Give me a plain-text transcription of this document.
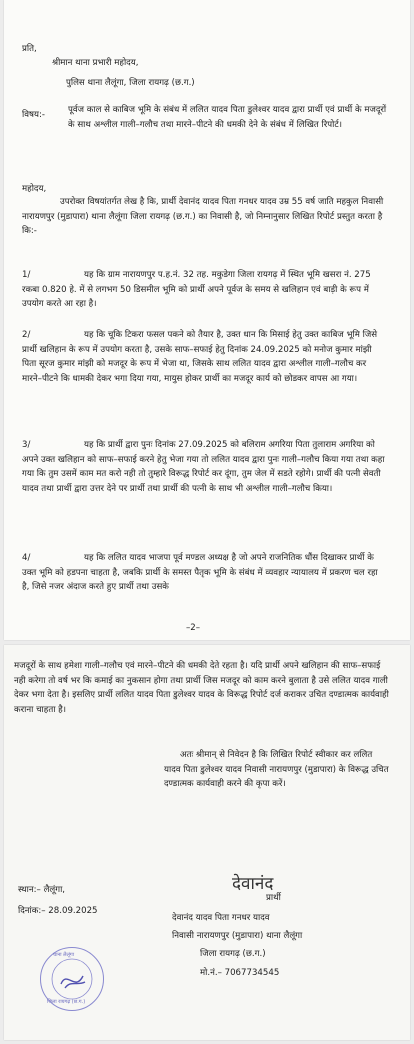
प्रति,
श्रीमान थाना प्रभारी महोदय,
पुलिस थाना लैलूंगा, जिला रायगढ़ (छ.ग.)
विषय:-	पूर्वज काल से काबिज भूमि के संबंध में ललित यादव पिता डुलेश्वर यादव द्वारा प्रार्थी एवं प्रार्थी के मजदूरों के साथ अश्लील गाली–गलौच तथा मारने–पीटने की धमकी देने के संबंध में लिखित रिपोर्ट।
महोदय,
उपरोक्त विषयांतर्गत लेख है कि, प्रार्थी देवानंद यादव पिता गनधर यादव उम्र 55 वर्ष जाति महकुल निवासी नारायणपुर (मुडापारा) थाना लैलूंगा जिला रायगढ़ (छ.ग.) का निवासी है, जो निम्नानुसार लिखित रिपोर्ट प्रस्तुत करता है कि:-
1/	यह कि ग्राम नारायणपुर प.ह.नं. 32 तह. मकुडेगा जिला रायगढ़ में स्थित भूमि खसरा नं. 275 रकबा 0.820 हे. में से लगभग 50 डिसमील भूमि को प्रार्थी अपने पूर्वज के समय से खलिहान एवं बाड़ी के रूप में उपयोग करते आ रहा है।
2/	यह कि चूकि टिकरा फसल पकने को तैयार है, उक्त धान कि मिसाई हेतु उक्त काबिज भूमि जिसे प्रार्थी खलिहान के रूप में उपयोग करता है, उसके साफ–सफाई हेतु दिनांक 24.09.2025 को मनोज कुमार मांझी पिता सूरज कुमार मांझी को मजदूर के रूप में भेजा था, जिसके साथ ललित यादव द्वारा अश्लील गाली–गलौच कर मारने–पीटने कि धामकी देकर भगा दिया गया, मायुस होकर प्रार्थी का मजदूर कार्य को छोडकर वापस आ गया।
3/	यह कि प्रार्थी द्वारा पुनः दिनांक 27.09.2025 को बलिराम अगरिया पिता तुलाराम अगरिया को अपने उक्त खलिहान को साफ–सफाई करने हेतु भेजा गया तो ललित यादव द्वारा पुनः गाली–गलौच किया गया तथा कहा गया कि तुम उसमें काम मत करो नही तो तुम्हारे विरूद्ध रिपोर्ट कर दूंगा, तुम जेल में सडते रहोगे। प्रार्थी की पत्नी सेवती यादव तथा प्रार्थी द्वारा उत्तर देने पर प्रार्थी तथा प्रार्थी की पत्नी के साथ भी अश्लील गाली–गलौच किया।
4/	यह कि ललित यादव भाजपा पूर्व मण्डल अध्यक्ष है जो अपने राजनितिक धौंस दिखाकर प्रार्थी के उक्त भूमि को हडपना चाहता है, जबकि प्रार्थी के समस्त पैतृक भूमि के संबंध में व्यवहार न्यायालय में प्रकरण चल रहा है, जिसे नजर अंदाज करते हुए प्रार्थी तथा उसके
–2–
मजदूरों के साथ हमेशा गाली–गलौच एवं मारने–पीटने की धमकी देते रहता है। यदि प्रार्थी अपने खलिहान की साफ–सफाई नही करेगा तो वर्ष भर कि कमाई का नुकसान होगा तथा प्रार्थी जिस मजदूर को काम करने बुलाता है उसे ललित यादव गाली देकर भगा देता है। इसलिए प्रार्थी ललित यादव पिता डुलेश्वर यादव के विरूद्ध रिपोर्ट दर्ज कराकर उचित दण्डात्मक कार्यवाही कराना चाहता है।
अतः श्रीमान् से निवेदन है कि लिखित रिपोर्ट स्वीकार कर ललित यादव पिता डुलेश्वर यादव निवासी नारायणपुर (मुडापारा) के विरूद्ध उचित दण्डात्मक कार्यवाही करने की कृपा करें।
स्थान:– लैलूंगा,
दिनांक:– 28.09.2025
देवानंद
प्रार्थी
देवानंद यादव पिता गनधर यादव
निवासी नारायणपुर (मुडापारा) थाना लैलूंगा
जिला रायगढ़ (छ.ग.)
मो.नं.– 7067734545
थाना लैलूंगा
जिला रायगढ़ (छ.ग.)
